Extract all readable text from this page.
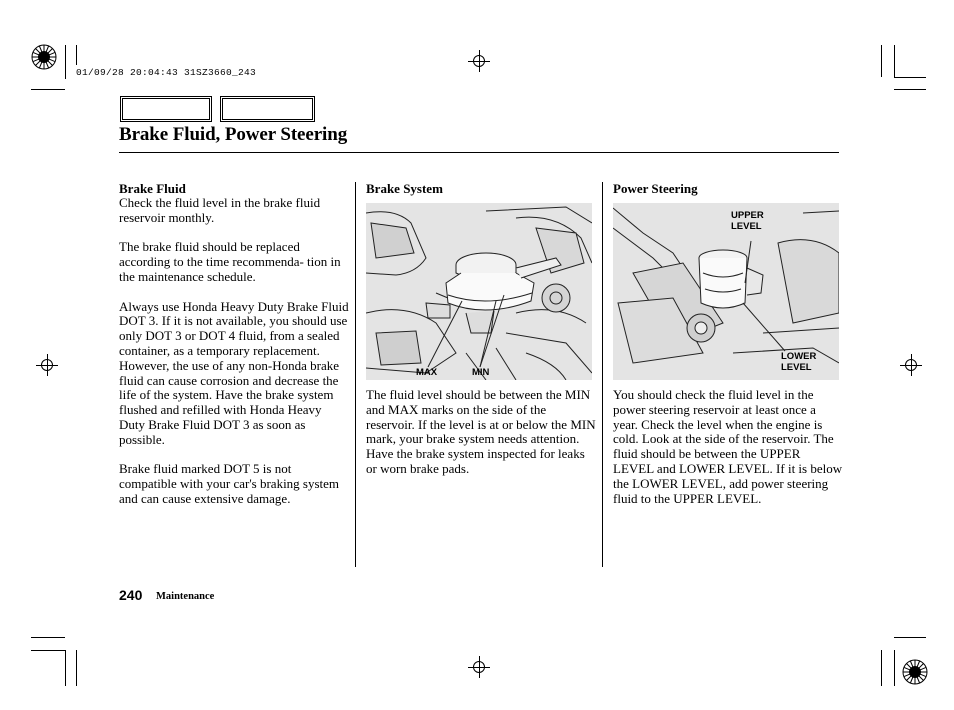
01/09/28 20:04:43 31SZ3660_243
Brake Fluid, Power Steering
Brake Fluid

Check the fluid level in the brake fluid reservoir monthly.

The brake fluid should be replaced according to the time recommenda- tion in the maintenance schedule.

Always use Honda Heavy Duty Brake Fluid DOT 3. If it is not available, you should use only DOT 3 or DOT 4 fluid, from a sealed container, as a temporary replacement. However, the use of any non-Honda brake fluid can cause corrosion and decrease the life of the system. Have the brake system flushed and refilled with Honda Heavy Duty Brake Fluid DOT 3 as soon as possible.

Brake fluid marked DOT 5 is not compatible with your car's braking system and can cause extensive damage.

Brake System
MAX	MIN

The fluid level should be between the MIN and MAX marks on the side of the reservoir. If the level is at or below the MIN mark, your brake system needs attention. Have the brake system inspected for leaks or worn brake pads.

Power Steering
UPPER
LEVEL
LOWER
LEVEL

You should check the fluid level in the power steering reservoir at least once a year. Check the level when the engine is cold. Look at the side of the reservoir. The fluid should be between the UPPER LEVEL and LOWER LEVEL. If it is below the LOWER LEVEL, add power steering fluid to the UPPER LEVEL.

240 Maintenance
